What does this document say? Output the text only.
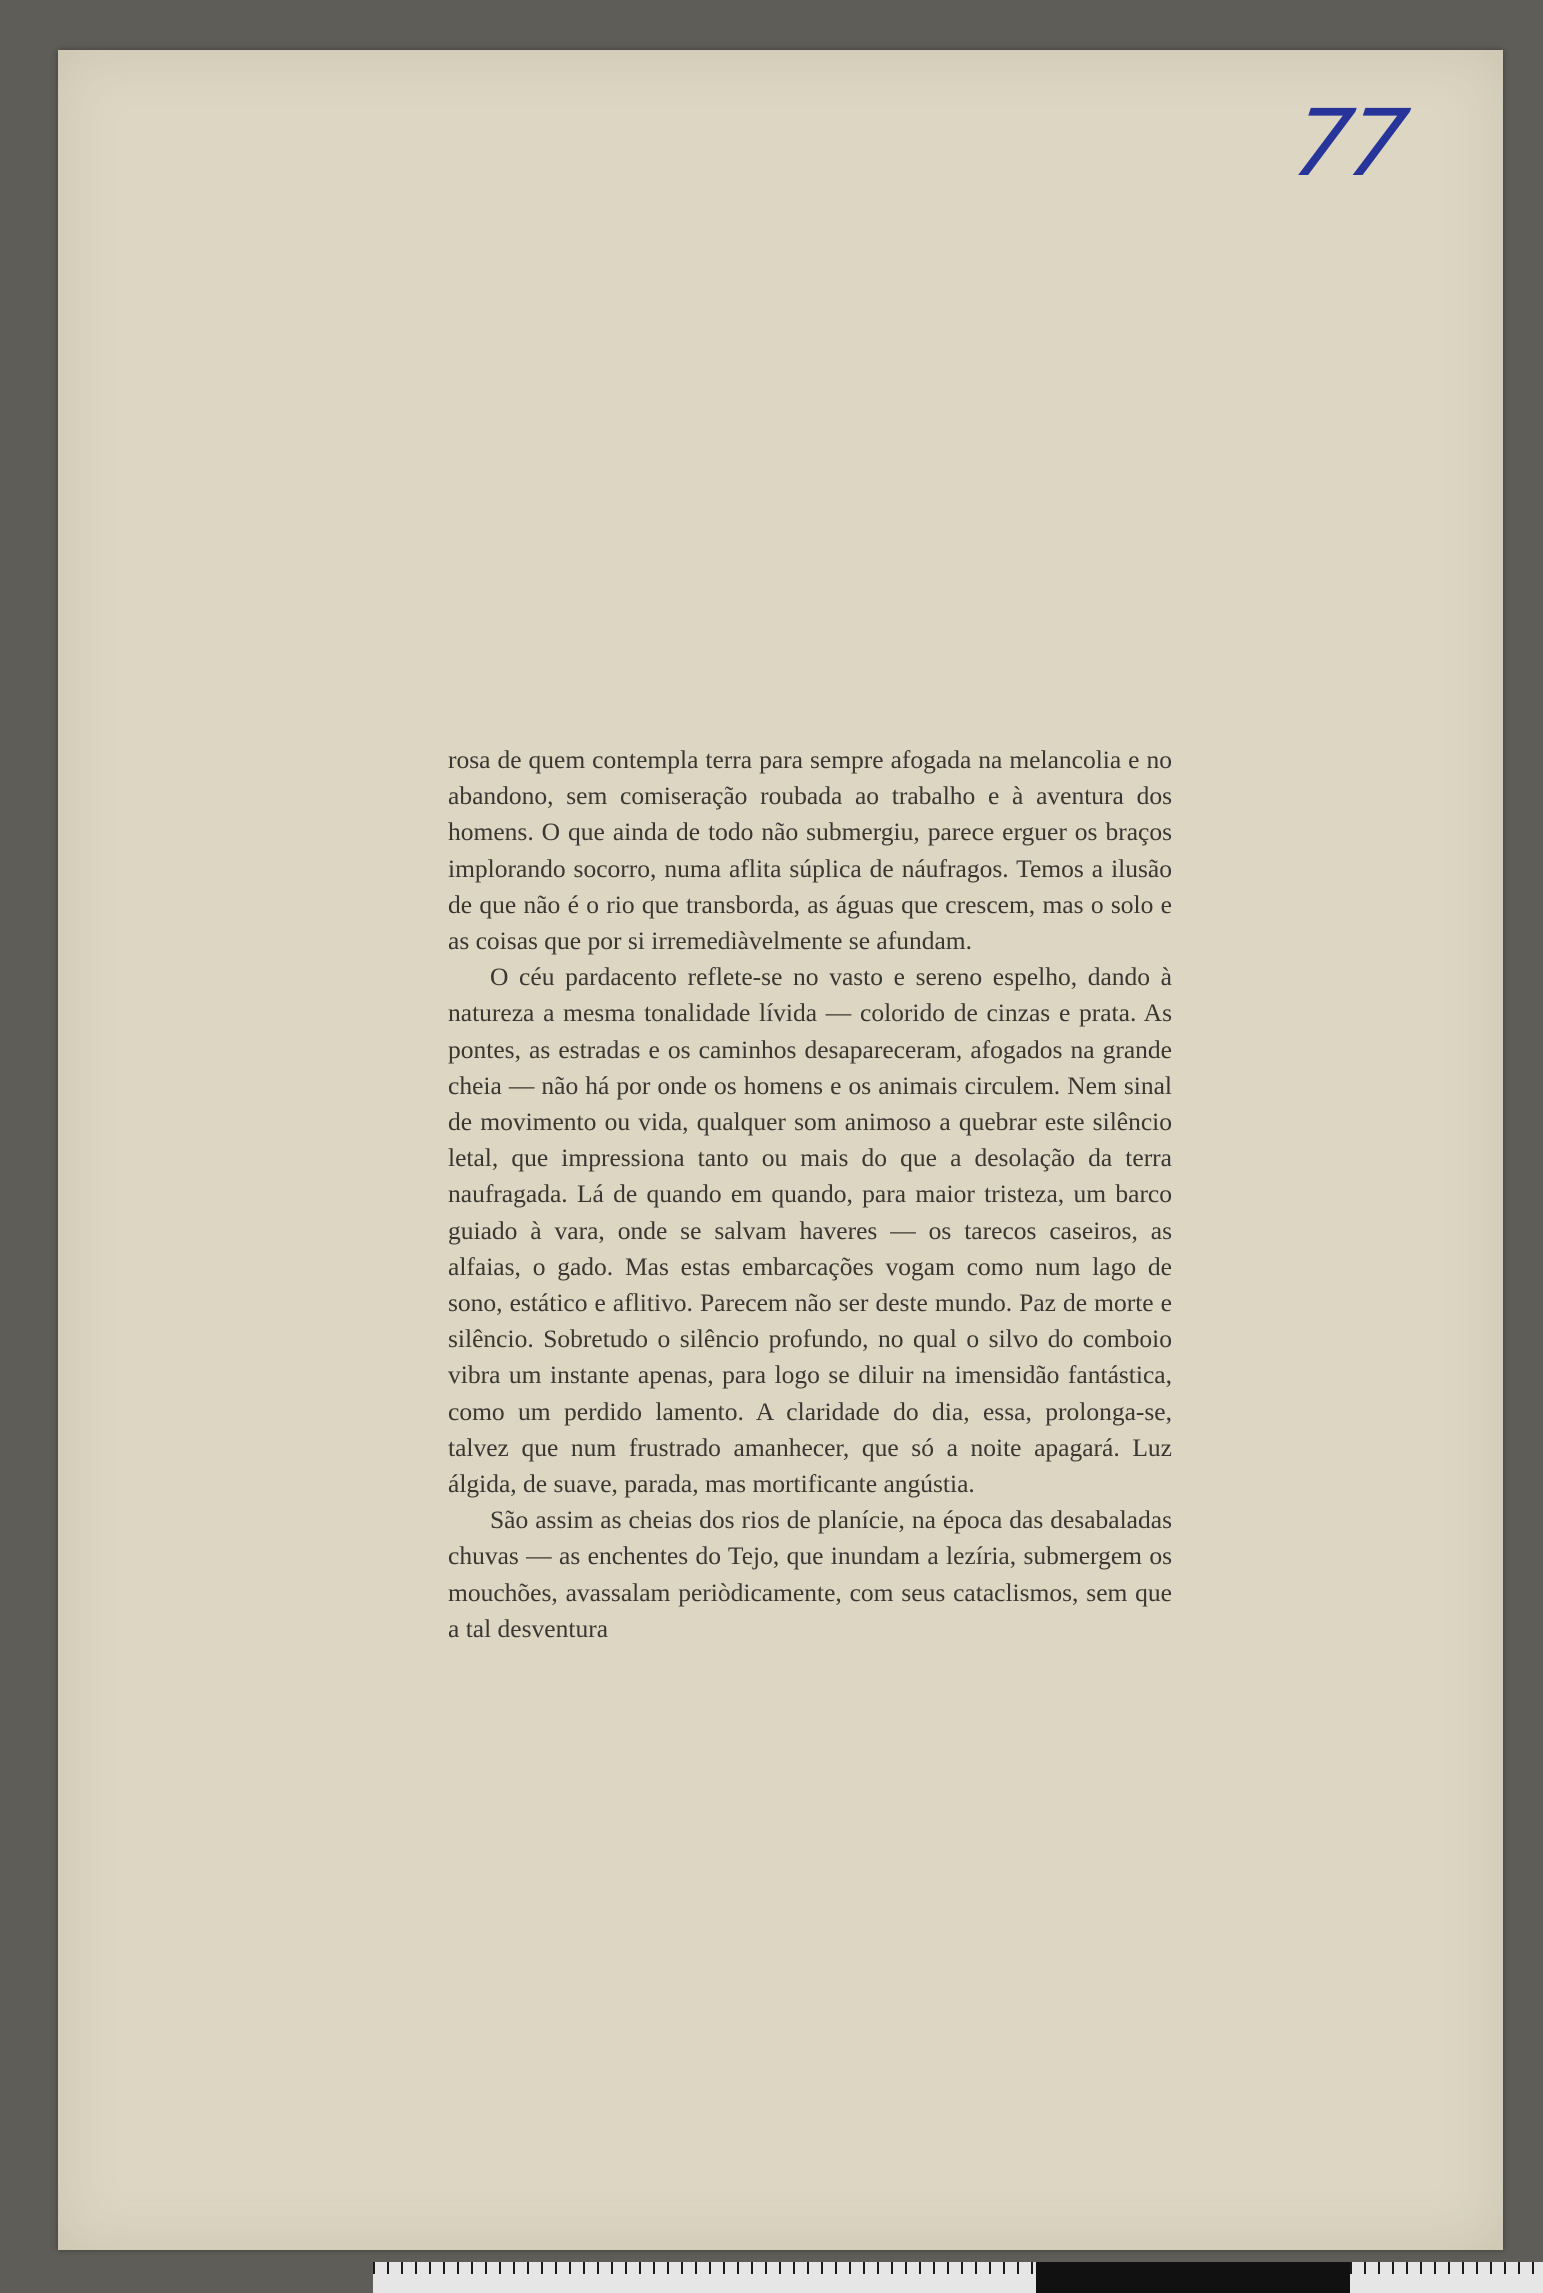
77

rosa de quem contempla terra para sempre afogada na melancolia e no abandono, sem comiseração roubada ao trabalho e à aventura dos homens. O que ainda de todo não submergiu, parece erguer os braços implorando socorro, numa aflita súplica de náufragos. Temos a ilusão de que não é o rio que transborda, as águas que crescem, mas o solo e as coisas que por si irremediàvelmente se afundam.

O céu pardacento reflete-se no vasto e sereno espelho, dando à natureza a mesma tonalidade lívida — colorido de cinzas e prata. As pontes, as estradas e os caminhos desapareceram, afogados na grande cheia — não há por onde os homens e os animais circulem. Nem sinal de movimento ou vida, qualquer som animoso a quebrar este silêncio letal, que impressiona tanto ou mais do que a desolação da terra naufragada. Lá de quando em quando, para maior tristeza, um barco guiado à vara, onde se salvam haveres — os tarecos caseiros, as alfaias, o gado. Mas estas embarcações vogam como num lago de sono, estático e aflitivo. Parecem não ser deste mundo. Paz de morte e silêncio. Sobretudo o silêncio profundo, no qual o silvo do comboio vibra um instante apenas, para logo se diluir na imensidão fantástica, como um perdido lamento. A claridade do dia, essa, prolonga-se, talvez que num frustrado amanhecer, que só a noite apagará. Luz álgida, de suave, parada, mas mortificante angústia.

São assim as cheias dos rios de planície, na época das desabaladas chuvas — as enchentes do Tejo, que inundam a lezíria, submergem os mouchões, avassalam periòdicamente, com seus cataclismos, sem que a tal desventura
